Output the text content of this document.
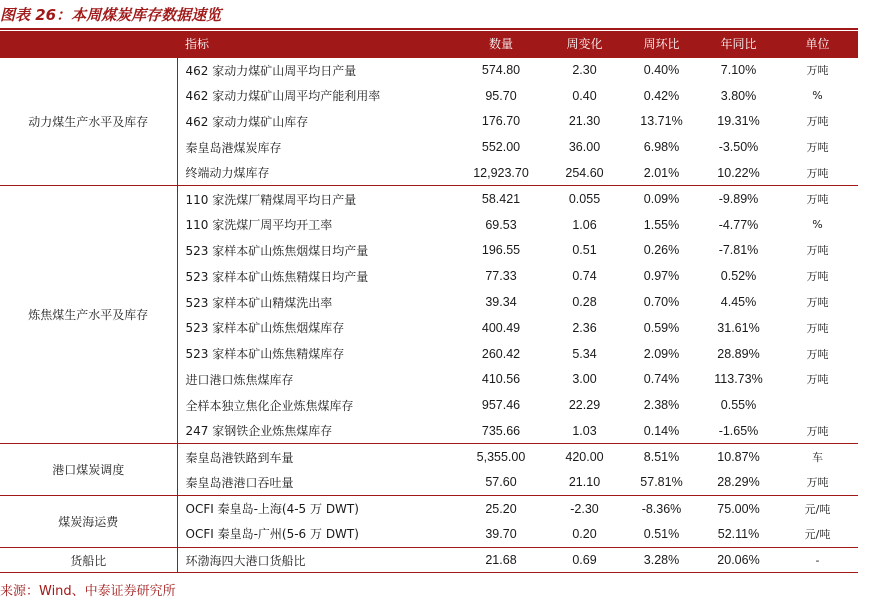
图表 26：本周煤炭库存数据速览
	指标	数量	周变化	周环比	年同比	单位
动力煤生产水平及库存	462 家动力煤矿山周平均日产量	574.80	2.30	0.40%	7.10%	万吨
	462 家动力煤矿山周平均产能利用率	95.70	0.40	0.42%	3.80%	%
	462 家动力煤矿山库存	176.70	21.30	13.71%	19.31%	万吨
	秦皇岛港煤炭库存	552.00	36.00	6.98%	-3.50%	万吨
	终端动力煤库存	12,923.70	254.60	2.01%	10.22%	万吨
炼焦煤生产水平及库存	110 家洗煤厂精煤周平均日产量	58.421	0.055	0.09%	-9.89%	万吨
	110 家洗煤厂周平均开工率	69.53	1.06	1.55%	-4.77%	%
	523 家样本矿山炼焦烟煤日均产量	196.55	0.51	0.26%	-7.81%	万吨
	523 家样本矿山炼焦精煤日均产量	77.33	0.74	0.97%	0.52%	万吨
	523 家样本矿山精煤洗出率	39.34	0.28	0.70%	4.45%	万吨
	523 家样本矿山炼焦烟煤库存	400.49	2.36	0.59%	31.61%	万吨
	523 家样本矿山炼焦精煤库存	260.42	5.34	2.09%	28.89%	万吨
	进口港口炼焦煤库存	410.56	3.00	0.74%	113.73%	万吨
	全样本独立焦化企业炼焦煤库存	957.46	22.29	2.38%	0.55%	
	247 家钢铁企业炼焦煤库存	735.66	1.03	0.14%	-1.65%	万吨
港口煤炭调度	秦皇岛港铁路到车量	5,355.00	420.00	8.51%	10.87%	车
	秦皇岛港港口吞吐量	57.60	21.10	57.81%	28.29%	万吨
煤炭海运费	OCFI 秦皇岛-上海(4-5 万 DWT)	25.20	-2.30	-8.36%	75.00%	元/吨
	OCFI 秦皇岛-广州(5-6 万 DWT)	39.70	0.20	0.51%	52.11%	元/吨
货船比	环渤海四大港口货船比	21.68	0.69	3.28%	20.06%	-
来源：Wind、中泰证券研究所
